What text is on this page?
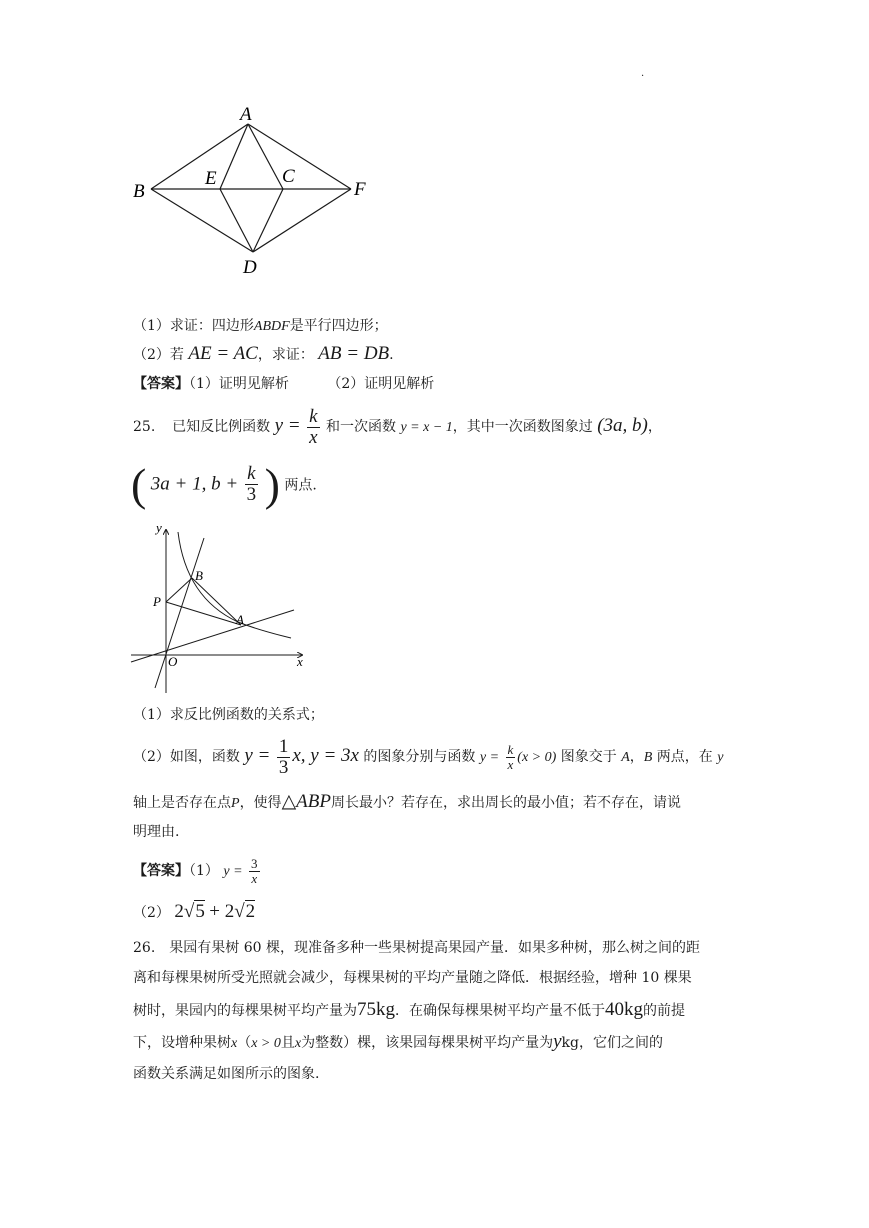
.
A
B
E	C
F
D
（1）求证：四边形ABDF是平行四边形；
（2）若 AE = AC，求证： AB = DB.
【答案】（1）证明见解析	（2）证明见解析
25. 已知反比例函数 $y = \frac{k}{x}$ 和一次函数 y = x − 1，其中一次函数图象过 (3a, b)，
( 3a + 1, $b + \frac{k}{3}$ ) 两点.
y
x
O
P
B
A
（1）求反比例函数的关系式；
（2）如图，函数 $y = \frac{1}{3} x$, y = 3x 的图象分别与函数 $y = \frac{k}{x} (x > 0)$ 图象交于 A，B 两点，在 y
轴上是否存在点P，使得△ABP周长最小？若存在，求出周长的最小值；若不存在，请说
明理由.
【答案】（1） $y = \frac{3}{x}$
（2） 2√5 + 2√2
26.　果园有果树 60 棵，现准备多种一些果树提高果园产量．如果多种树，那么树之间的距
离和每棵果树所受光照就会减少，每棵果树的平均产量随之降低．根据经验，增种 10 棵果
树时，果园内的每棵果树平均产量为75kg．在确保每棵果树平均产量不低于40kg的前提
下，设增种果树x（x > 0且x为整数）棵，该果园每棵果树平均产量为ykg，它们之间的
函数关系满足如图所示的图象.
